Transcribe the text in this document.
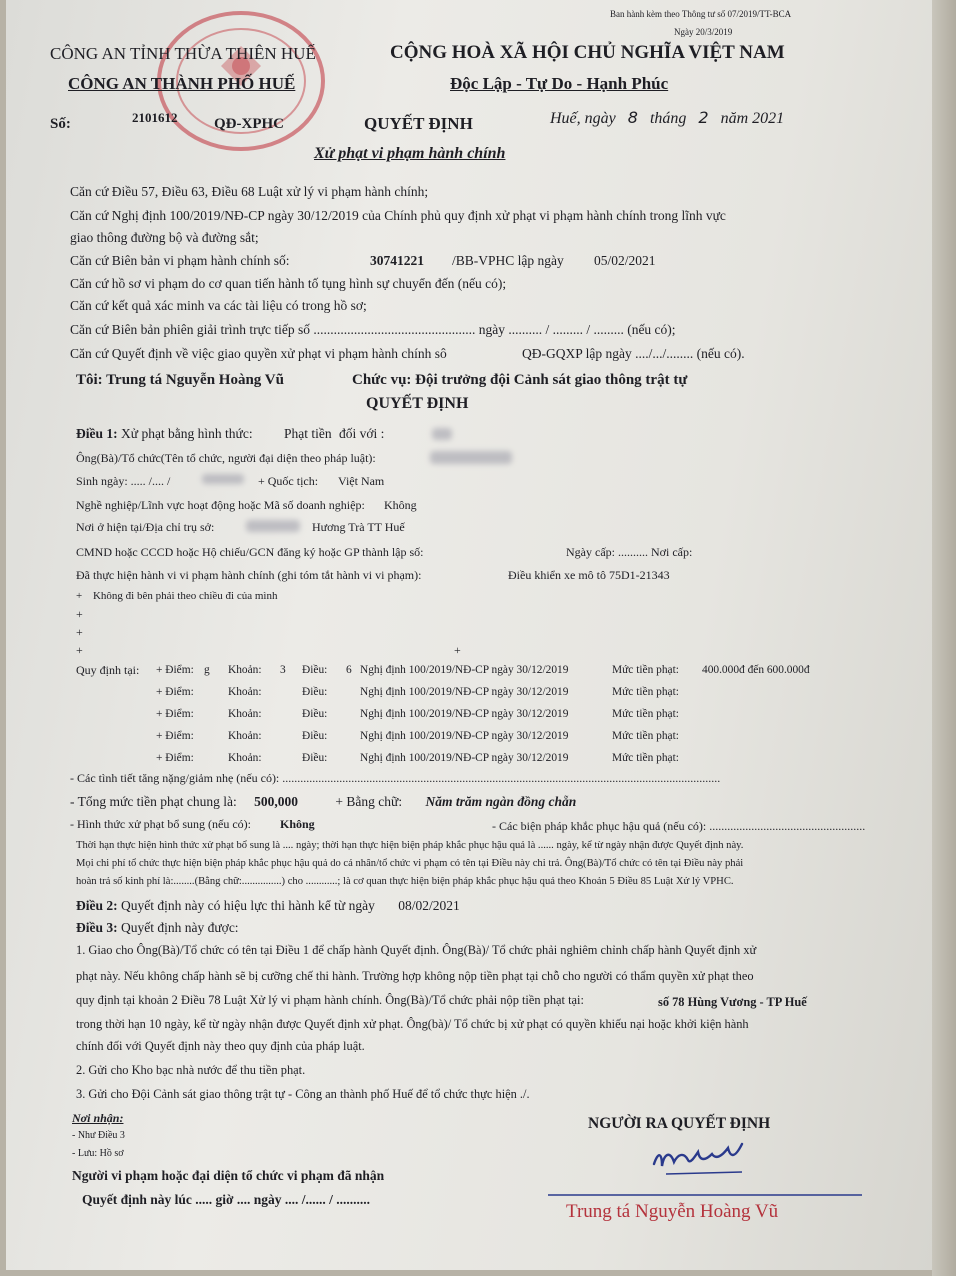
Ban hành kèm theo Thông tư số 07/2019/TT-BCA
Ngày 20/3/2019
CÔNG AN TỈNH THỪA THIÊN HUẾ
CÔNG AN THÀNH PHỐ HUẾ
CỘNG HOÀ XÃ HỘI CHỦ NGHĨA VIỆT NAM
Độc Lập - Tự Do - Hạnh Phúc
Số:	2101612 QĐ-XPHC	QUYẾT ĐỊNH	Huế, ngày 8 tháng 2 năm 2021
Xử phạt vi phạm hành chính
Căn cứ Điều 57, Điều 63, Điều 68 Luật xử lý vi phạm hành chính;
Căn cứ Nghị định 100/2019/NĐ-CP ngày 30/12/2019 của Chính phủ quy định xử phạt vi phạm hành chính trong lĩnh vực
giao thông đường bộ và đường sắt;
Căn cứ Biên bản vi phạm hành chính số:	30741221 /BB-VPHC lập ngày 05/02/2021
Căn cứ hồ sơ vi phạm do cơ quan tiến hành tố tụng hình sự chuyển đến (nếu có);
Căn cứ kết quả xác minh va các tài liệu có trong hồ sơ;
Căn cứ Biên bản phiên giải trình trực tiếp số ................................................ ngày .......... / ......... / ......... (nếu có);
Căn cứ Quyết định về việc giao quyền xử phạt vi phạm hành chính sô	QĐ-GQXP lập ngày ..../.../........ (nếu có).
Tôi: Trung tá Nguyễn Hoàng Vũ	Chức vụ: Đội trưởng đội Cảnh sát giao thông trật tự
QUYẾT ĐỊNH
Điều 1: Xử phạt bằng hình thức: Phạt tiền đối với :
Ông(Bà)/Tổ chức(Tên tổ chức, người đại diện theo pháp luật):
Sinh ngày: ..... /.... /	+ Quốc tịch: Việt Nam
Nghề nghiệp/Lĩnh vực hoạt động hoặc Mã số doanh nghiệp: Không
Nơi ở hiện tại/Địa chỉ trụ sở:	Hương Trà TT Huế
CMND hoặc CCCD hoặc Hộ chiếu/GCN đăng ký hoặc GP thành lập số:	Ngày cấp: .......... Nơi cấp:
Đã thực hiện hành vi vi phạm hành chính (ghi tóm tắt hành vi vi phạm):	Điều khiển xe mô tô 75D1-21343
+ Không đi bên phải theo chiều đi của mình
+
+
+	+
Quy định tại: + Điểm: g Khoản: 3 Điều: 6 Nghị định 100/2019/NĐ-CP ngày 30/12/2019	Mức tiền phạt: 400.000đ đến 600.000đ
+ Điểm:	Khoản:	Điều:	Nghị định 100/2019/NĐ-CP ngày 30/12/2019	Mức tiền phạt:
+ Điểm:	Khoản:	Điều:	Nghị định 100/2019/NĐ-CP ngày 30/12/2019	Mức tiền phạt:
+ Điểm:	Khoản:	Điều:	Nghị định 100/2019/NĐ-CP ngày 30/12/2019	Mức tiền phạt:
+ Điểm:	Khoản:	Điều:	Nghị định 100/2019/NĐ-CP ngày 30/12/2019	Mức tiền phạt:
- Các tình tiết tăng nặng/giảm nhẹ (nếu có): ..................................................................................................................................................
- Tổng mức tiền phạt chung là: 500,000	+ Bằng chữ: Năm trăm ngàn đồng chẵn
- Hình thức xử phạt bổ sung (nếu có): Không	- Các biện pháp khắc phục hậu quả (nếu có): ....................................................
Thời hạn thực hiện hình thức xử phạt bổ sung là .... ngày; thời hạn thực hiện biện pháp khắc phục hậu quả là ...... ngày, kể từ ngày nhận được Quyết định này.
Mọi chi phí tổ chức thực hiện biện pháp khắc phục hậu quả do cá nhân/tổ chức vi phạm có tên tại Điều này chi trả. Ông(Bà)/Tổ chức có tên tại Điều này phải
hoàn trả số kinh phí là:........(Bằng chữ:...............) cho ............; là cơ quan thực hiện biện pháp khắc phục hậu quả theo Khoản 5 Điều 85 Luật Xử lý VPHC.
Điều 2: Quyết định này có hiệu lực thi hành kể từ ngày 08/02/2021
Điều 3: Quyết định này được:
1. Giao cho Ông(Bà)/Tổ chức có tên tại Điều 1 để chấp hành Quyết định. Ông(Bà)/ Tổ chức phải nghiêm chỉnh chấp hành Quyết định xử
phạt này. Nếu không chấp hành sẽ bị cưỡng chế thi hành. Trường hợp không nộp tiền phạt tại chỗ cho người có thẩm quyền xử phạt theo
quy định tại khoản 2 Điều 78 Luật Xử lý vi phạm hành chính. Ông(Bà)/Tổ chức phải nộp tiền phạt tại:	số 78 Hùng Vương - TP Huế
trong thời hạn 10 ngày, kể từ ngày nhận được Quyết định xử phạt. Ông(bà)/ Tổ chức bị xử phạt có quyền khiếu nại hoặc khởi kiện hành
chính đối với Quyết định này theo quy định của pháp luật.
2. Gửi cho Kho bạc nhà nước để thu tiền phạt.
3. Gửi cho Đội Cảnh sát giao thông trật tự - Công an thành phố Huế để tổ chức thực hiện ./.
Nơi nhận:
- Như Điều 3
- Lưu: Hồ sơ
Người vi phạm hoặc đại diện tổ chức vi phạm đã nhận
Quyết định này lúc ..... giờ .... ngày .... /...... / ..........
NGƯỜI RA QUYẾT ĐỊNH
Trung tá Nguyễn Hoàng Vũ
